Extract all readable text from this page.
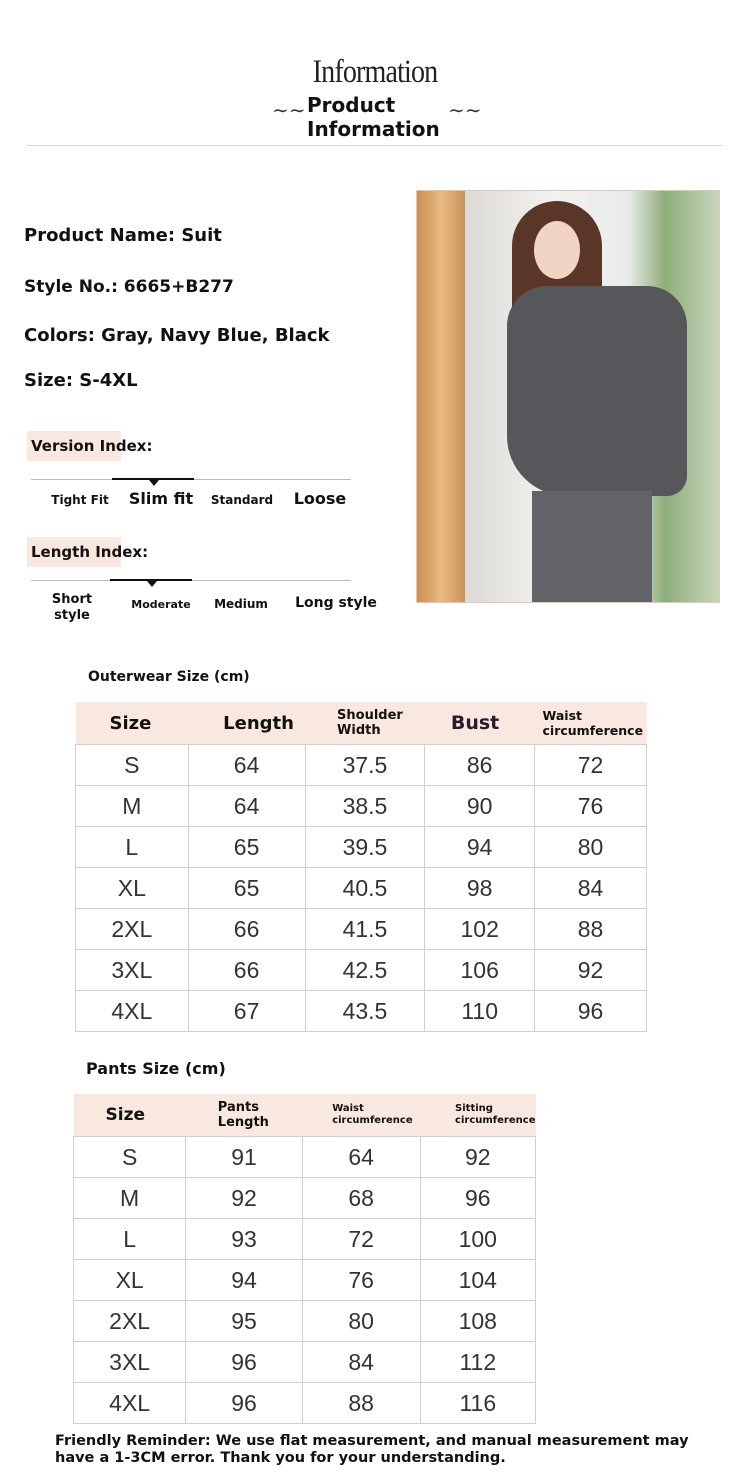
Information
∼∼ Product
Information
∼∼
Product Name: Suit
Style No.: 6665+B277
Colors: Gray, Navy Blue, Black
Size: S-4XL
Version Index:
Tight Fit	Slim fit	Standard	Loose
Length Index:
Short style
Moderate	Medium	Long style
Outerwear Size (cm)
Size	Length	Shoulder Width	Bust	Waist circumference
S	64	37.5	86	72
M	64	38.5	90	76
L	65	39.5	94	80
XL	65	40.5	98	84
2XL	66	41.5	102	88
3XL	66	42.5	106	92
4XL	67	43.5	110	96
Pants Size (cm)
Size	Pants Length	Waist circumference	Sitting circumference
S	91	64	92
M	92	68	96
L	93	72	100
XL	94	76	104
2XL	95	80	108
3XL	96	84	112
4XL	96	88	116
Friendly Reminder: We use flat measurement, and manual measurement may have a 1-3CM error. Thank you for your understanding.
